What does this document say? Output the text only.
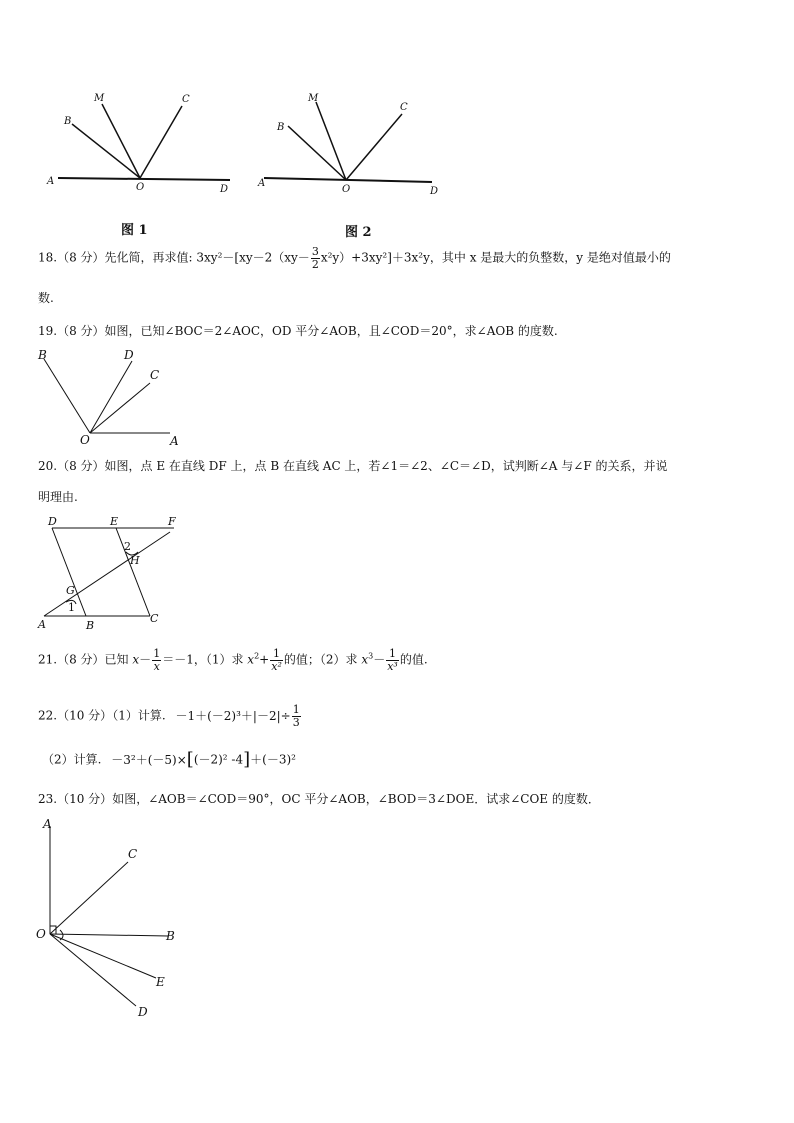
M
B
C
A
O	D
图 1
M
B
C
A
O	D
图 2
18.（8 分）先化简，再求值: $3xy^2-[xy-2(xy- \frac{3}{2} x^2y)+3xy^2]+3x^2y$，其中 x 是最大的负整数，y 是绝对值最小的
数.
19.（8 分）如图，已知∠BOC＝2∠AOC，OD 平分∠AOB，且∠COD＝20°，求∠AOB 的度数.
B	D
C
O	A
20.（8 分）如图，点 E 在直线 DF 上，点 B 在直线 AC 上，若∠1＝∠2、∠C＝∠D，试判断∠A 与∠F 的关系，并说
明理由.
D	E	F
H
G
A	B
C
1
2
21.（8 分）已知 $x- \frac{1}{x} =-1$，（1）求 $x^2+ \frac{1}{\text{x²}}$ 的值；（2）求 $x^3- \frac{1}{\text{x³}}$ 的值.
22.（10 分）（1）计算. $-1+(-2)^3+|-2|\div \frac{1}{3}$
（2）计算. －3²＋(－5)×[(－2)² -4]＋(－3)²
23.（10 分）如图，∠AOB＝∠COD＝90°，OC 平分∠AOB，∠BOD＝3∠DOE．试求∠COE 的度数．
A
C
O	B
E
D
